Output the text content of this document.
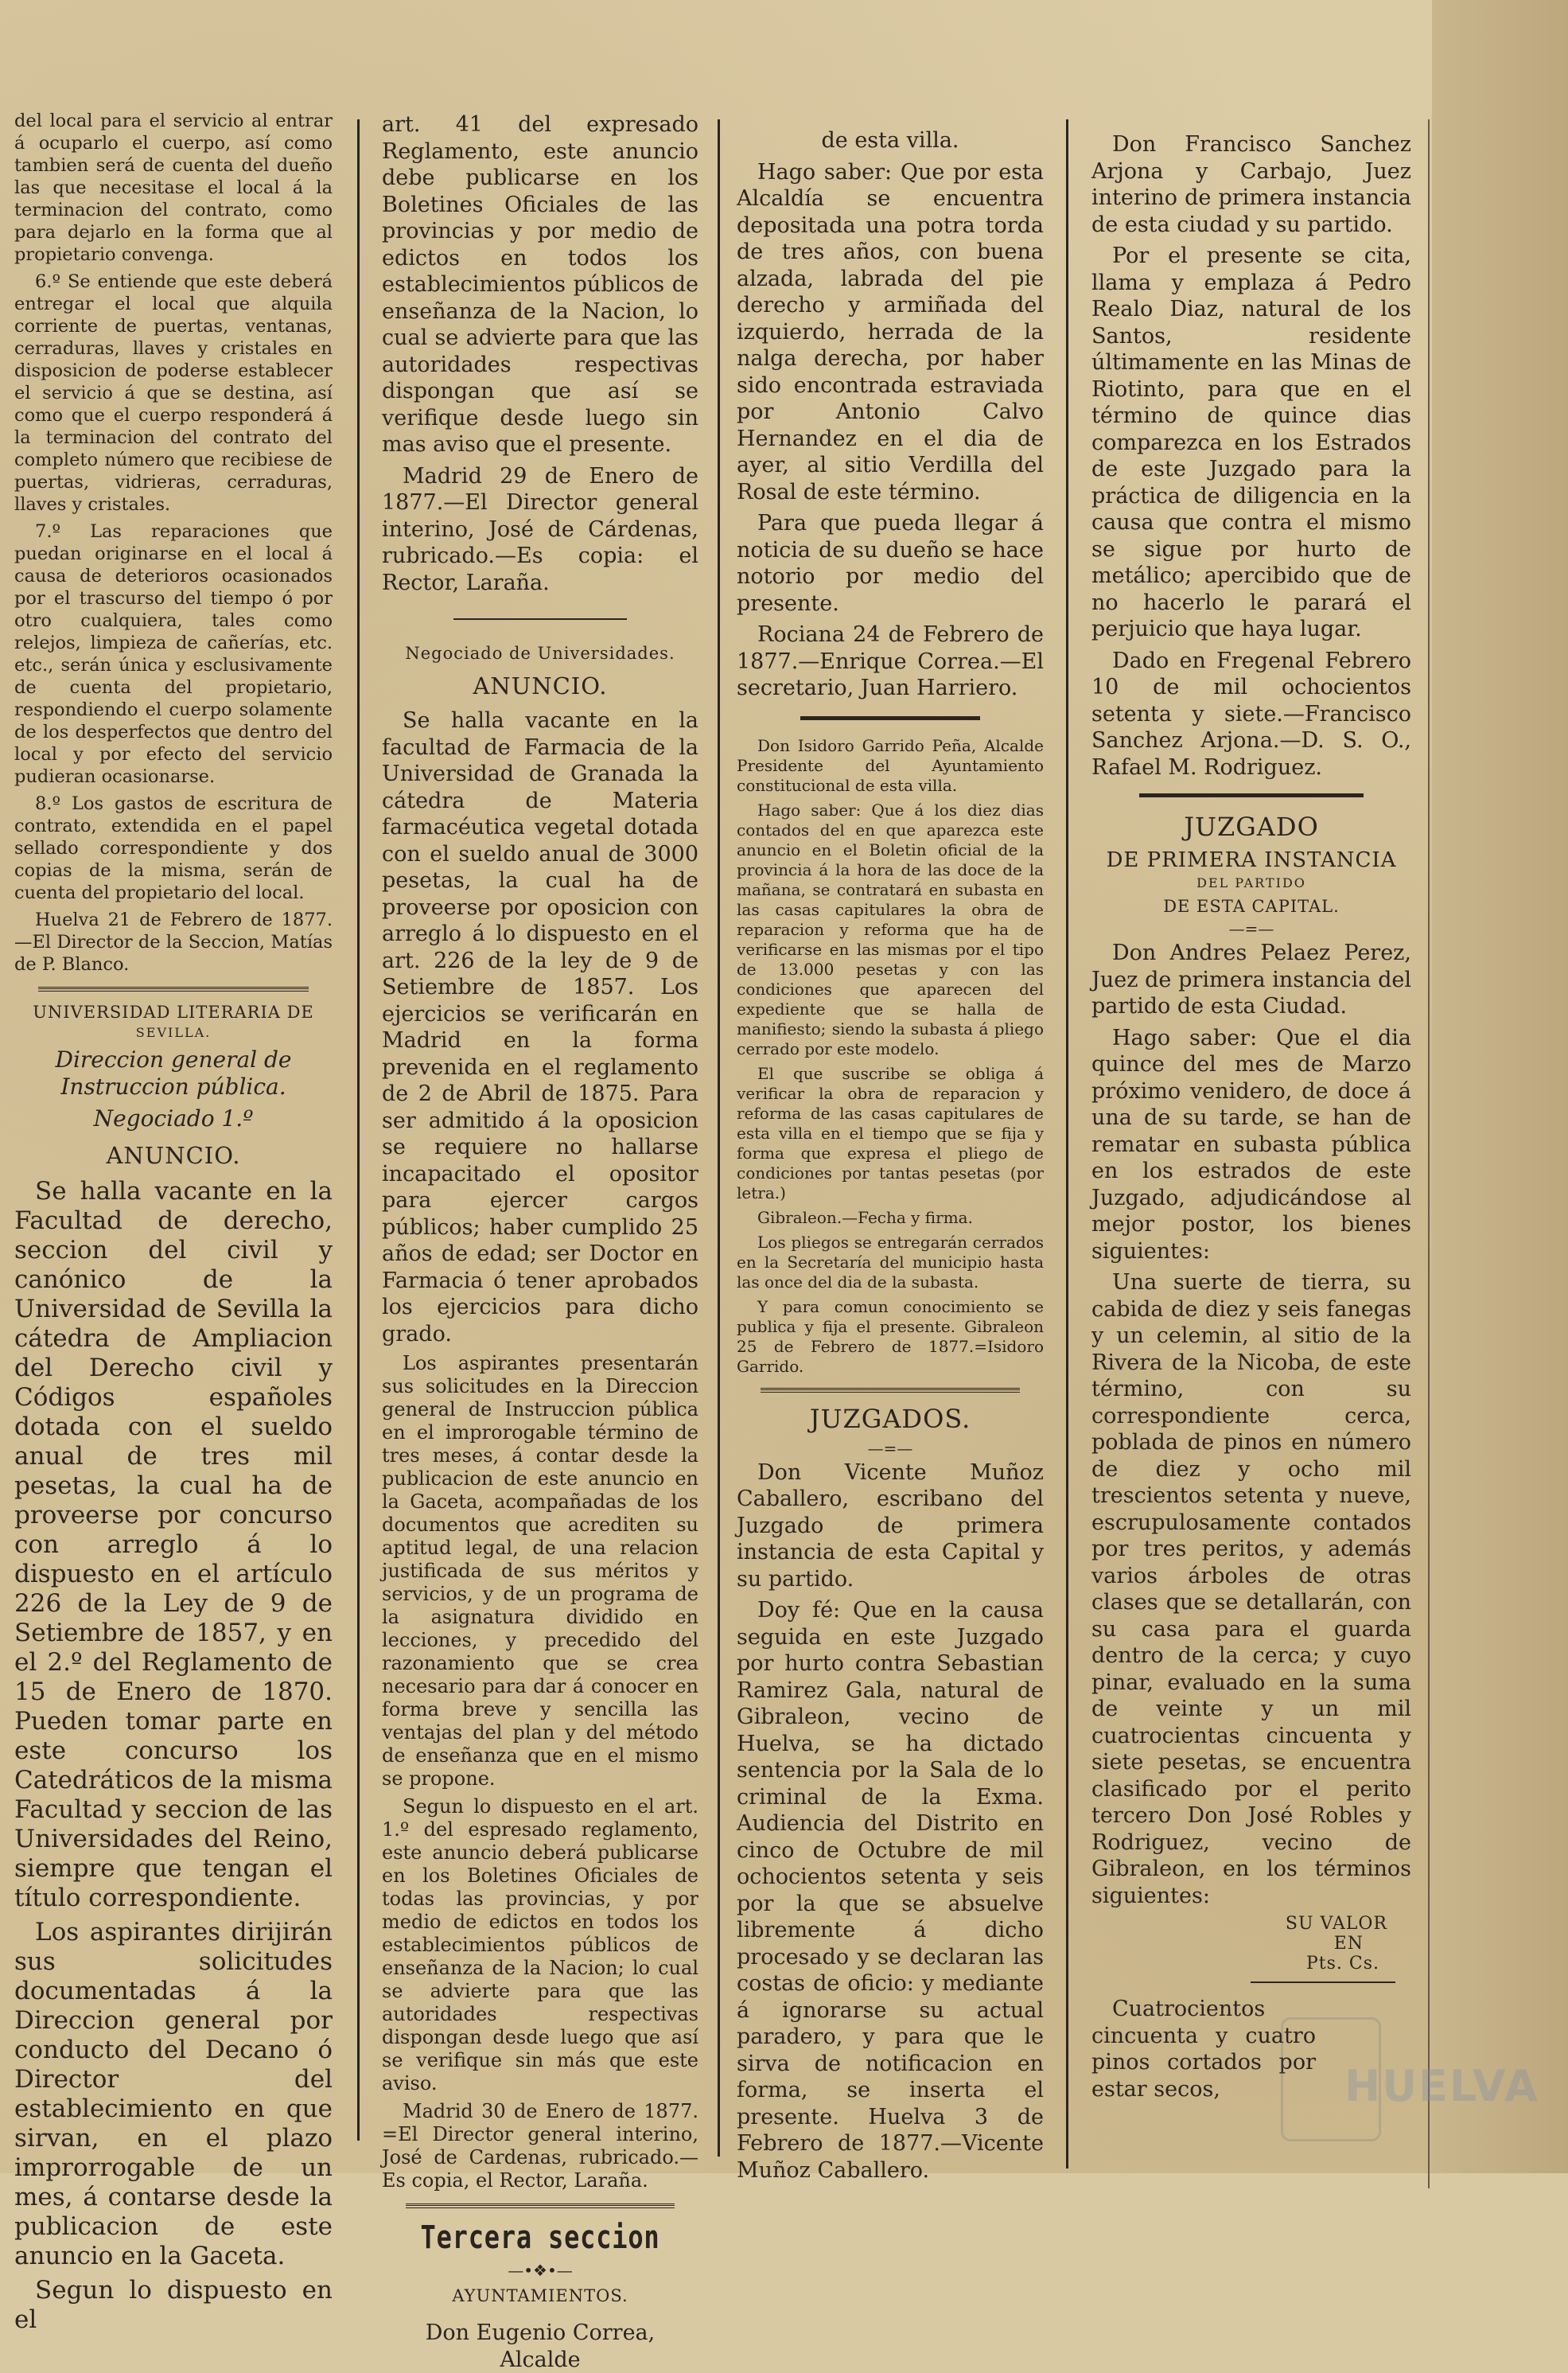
del local para el servicio al entrar á ocuparlo el cuerpo, así como tambien será de cuenta del dueño las que necesitase el local á la terminacion del contrato, como para dejarlo en la forma que al propietario convenga.

6.º Se entiende que este deberá entregar el local que alquila corriente de puertas, ventanas, cerraduras, llaves y cristales en disposicion de poderse establecer el servicio á que se destina, así como que el cuerpo responderá á la terminacion del contrato del completo número que recibiese de puertas, vidrieras, cerraduras, llaves y cristales.

7.º Las reparaciones que puedan originarse en el local á causa de deterioros ocasionados por el trascurso del tiempo ó por otro cualquiera, tales como relejos, limpieza de cañerías, etc. etc., serán única y esclusivamente de cuenta del propietario, respondiendo el cuerpo solamente de los desperfectos que dentro del local y por efecto del servicio pudieran ocasionarse.

8.º Los gastos de escritura de contrato, extendida en el papel sellado correspondiente y dos copias de la misma, serán de cuenta del propietario del local.

Huelva 21 de Febrero de 1877. —El Director de la Seccion, Matías de P. Blanco.

UNIVERSIDAD LITERARIA DE
SEVILLA.
Direccion general de Instruccion pública.
Negociado 1.º
ANUNCIO.

Se halla vacante en la Facultad de derecho, seccion del civil y canónico de la Universidad de Sevilla la cátedra de Ampliacion del Derecho civil y Códigos españoles dotada con el sueldo anual de tres mil pesetas, la cual ha de proveerse por concurso con arreglo á lo dispuesto en el artículo 226 de la Ley de 9 de Setiembre de 1857, y en el 2.º del Reglamento de 15 de Enero de 1870. Pueden tomar parte en este concurso los Catedráticos de la misma Facultad y seccion de las Universidades del Reino, siempre que tengan el título correspondiente.

Los aspirantes dirijirán sus solicitudes documentadas á la Direccion general por conducto del Decano ó Director del establecimiento en que sirvan, en el plazo improrrogable de un mes, á contarse desde la publicacion de este anuncio en la Gaceta.

Segun lo dispuesto en el

art. 41 del expresado Reglamento, este anuncio debe publicarse en los Boletines Oficiales de las provincias y por medio de edictos en todos los establecimientos públicos de enseñanza de la Nacion, lo cual se advierte para que las autoridades respectivas dispongan que así se verifique desde luego sin mas aviso que el presente.

Madrid 29 de Enero de 1877.—El Director general interino, José de Cárdenas, rubricado.—Es copia: el Rector, Laraña.

Negociado de Universidades.
ANUNCIO.

Se halla vacante en la facultad de Farmacia de la Universidad de Granada la cátedra de Materia farmacéutica vegetal dotada con el sueldo anual de 3000 pesetas, la cual ha de proveerse por oposicion con arreglo á lo dispuesto en el art. 226 de la ley de 9 de Setiembre de 1857. Los ejercicios se verificarán en Madrid en la forma prevenida en el reglamento de 2 de Abril de 1875. Para ser admitido á la oposicion se requiere no hallarse incapacitado el opositor para ejercer cargos públicos; haber cumplido 25 años de edad; ser Doctor en Farmacia ó tener aprobados los ejercicios para dicho grado.

Los aspirantes presentarán sus solicitudes en la Direccion general de Instruccion pública en el improrogable término de tres meses, á contar desde la publicacion de este anuncio en la Gaceta, acompañadas de los documentos que acrediten su aptitud legal, de una relacion justificada de sus méritos y servicios, y de un programa de la asignatura dividido en lecciones, y precedido del razonamiento que se crea necesario para dar á conocer en forma breve y sencilla las ventajas del plan y del método de enseñanza que en el mismo se propone.

Segun lo dispuesto en el art. 1.º del espresado reglamento, este anuncio deberá publicarse en los Boletines Oficiales de todas las provincias, y por medio de edictos en todos los establecimientos públicos de enseñanza de la Nacion; lo cual se advierte para que las autoridades respectivas dispongan desde luego que así se verifique sin más que este aviso.

Madrid 30 de Enero de 1877. =El Director general interino, José de Cardenas, rubricado.—Es copia, el Rector, Laraña.

Tercera seccion
—•❖•—
AYUNTAMIENTOS.

Don Eugenio Correa, Alcalde

de esta villa.

Hago saber: Que por esta Alcaldía se encuentra depositada una potra torda de tres años, con buena alzada, labrada del pie derecho y armiñada del izquierdo, herrada de la nalga derecha, por haber sido encontrada estraviada por Antonio Calvo Hernandez en el dia de ayer, al sitio Verdilla del Rosal de este término.

Para que pueda llegar á noticia de su dueño se hace notorio por medio del presente.

Rociana 24 de Febrero de 1877.—Enrique Correa.—El secretario, Juan Harriero.

Don Isidoro Garrido Peña, Alcalde Presidente del Ayuntamiento constitucional de esta villa.

Hago saber: Que á los diez dias contados del en que aparezca este anuncio en el Boletin oficial de la provincia á la hora de las doce de la mañana, se contratará en subasta en las casas capitulares la obra de reparacion y reforma que ha de verificarse en las mismas por el tipo de 13.000 pesetas y con las condiciones que aparecen del expediente que se halla de manifiesto; siendo la subasta á pliego cerrado por este modelo.

El que suscribe se obliga á verificar la obra de reparacion y reforma de las casas capitulares de esta villa en el tiempo que se fija y forma que expresa el pliego de condiciones por tantas pesetas (por letra.)

Gibraleon.—Fecha y firma.

Los pliegos se entregarán cerrados en la Secretaría del municipio hasta las once del dia de la subasta.

Y para comun conocimiento se publica y fija el presente. Gibraleon 25 de Febrero de 1877.=Isidoro Garrido.

JUZGADOS.
—=—

Don Vicente Muñoz Caballero, escribano del Juzgado de primera instancia de esta Capital y su partido.

Doy fé: Que en la causa seguida en este Juzgado por hurto contra Sebastian Ramirez Gala, natural de Gibraleon, vecino de Huelva, se ha dictado sentencia por la Sala de lo criminal de la Exma. Audiencia del Distrito en cinco de Octubre de mil ochocientos setenta y seis por la que se absuelve libremente á dicho procesado y se declaran las costas de oficio: y mediante á ignorarse su actual paradero, y para que le sirva de notificacion en forma, se inserta el presente. Huelva 3 de Febrero de 1877.—Vicente Muñoz Caballero.

Don Francisco Sanchez Arjona y Carbajo, Juez interino de primera instancia de esta ciudad y su partido.

Por el presente se cita, llama y emplaza á Pedro Realo Diaz, natural de los Santos, residente últimamente en las Minas de Riotinto, para que en el término de quince dias comparezca en los Estrados de este Juzgado para la práctica de diligencia en la causa que contra el mismo se sigue por hurto de metálico; apercibido que de no hacerlo le parará el perjuicio que haya lugar.

Dado en Fregenal Febrero 10 de mil ochocientos setenta y siete.—Francisco Sanchez Arjona.—D. S. O., Rafael M. Rodriguez.

JUZGADO
DE PRIMERA INSTANCIA
DEL PARTIDO
DE ESTA CAPITAL.
—=—

Don Andres Pelaez Perez, Juez de primera instancia del partido de esta Ciudad.

Hago saber: Que el dia quince del mes de Marzo próximo venidero, de doce á una de su tarde, se han de rematar en subasta pública en los estrados de este Juzgado, adjudicándose al mejor postor, los bienes siguientes:

Una suerte de tierra, su cabida de diez y seis fanegas y un celemin, al sitio de la Rivera de la Nicoba, de este término, con su correspondiente cerca, poblada de pinos en número de diez y ocho mil trescientos setenta y nueve, escrupulosamente contados por tres peritos, y además varios árboles de otras clases que se detallarán, con su casa para el guarda dentro de la cerca; y cuyo pinar, evaluado en la suma de veinte y un mil cuatrocientas cincuenta y siete pesetas, se encuentra clasificado por el perito tercero Don José Robles y Rodriguez, vecino de Gibraleon, en los términos siguientes:

SU VALOR
EN
Pts. Cs.

Cuatrocientos cincuenta y cuatro pinos cortados por estar secos,	HUELVA
